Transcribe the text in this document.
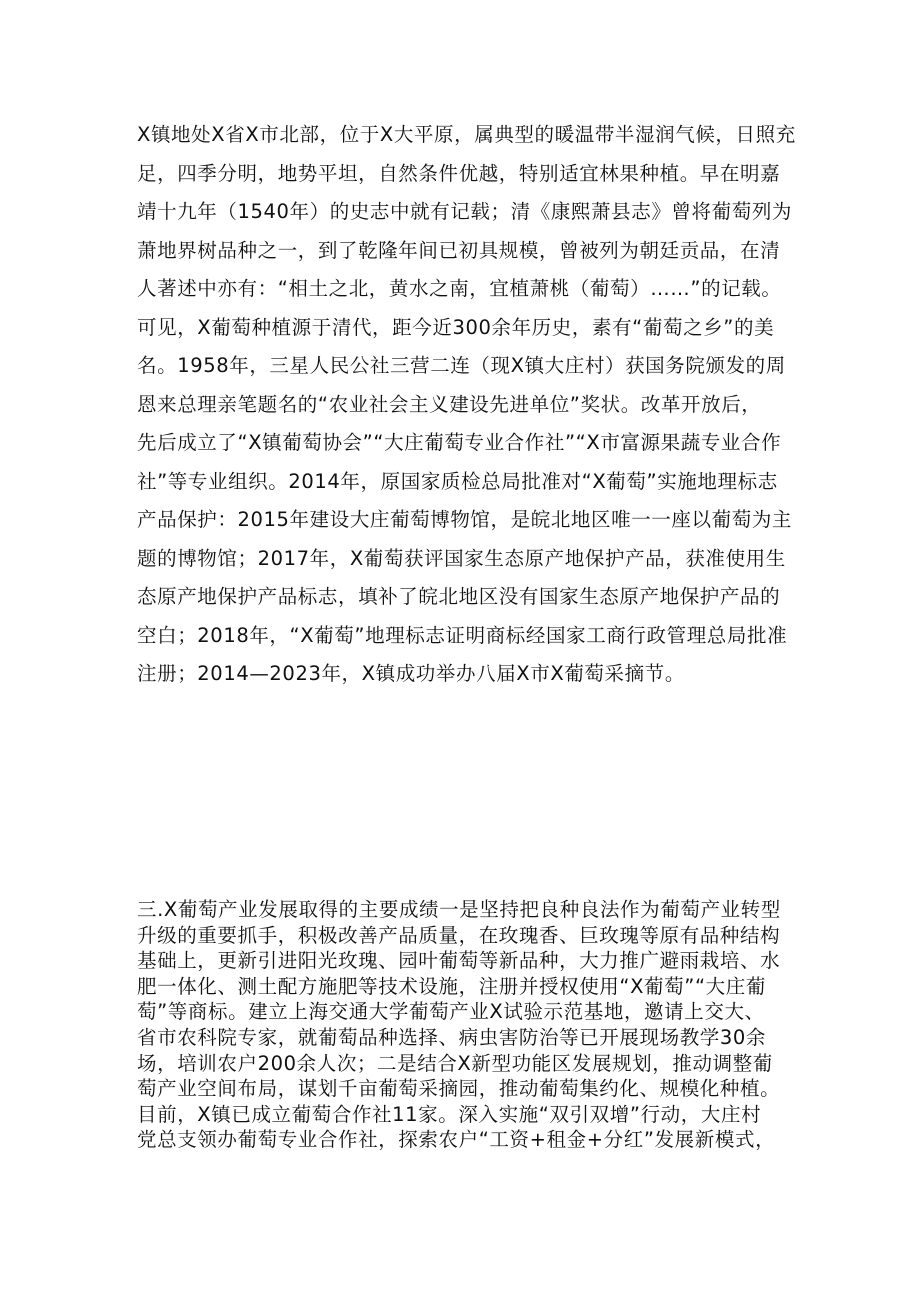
X镇地处X省X市北部，位于X大平原，属典型的暖温带半湿润气候，日照充
足，四季分明，地势平坦，自然条件优越，特别适宜林果种植。早在明嘉
靖十九年（1540年）的史志中就有记载；清《康熙萧县志》曾将葡萄列为
萧地界树品种之一，到了乾隆年间已初具规模，曾被列为朝廷贡品，在清
人著述中亦有：“相土之北，黄水之南，宜植萧桃（葡萄）……”的记载。
可见，X葡萄种植源于清代，距今近300余年历史，素有“葡萄之乡”的美
名。1958年，三星人民公社三营二连（现X镇大庄村）获国务院颁发的周
恩来总理亲笔题名的“农业社会主义建设先进单位”奖状。改革开放后，
先后成立了“X镇葡萄协会”“大庄葡萄专业合作社”“X市富源果蔬专业合作
社”等专业组织。2014年，原国家质检总局批准对“X葡萄”实施地理标志
产品保护：2015年建设大庄葡萄博物馆，是皖北地区唯一一座以葡萄为主
题的博物馆；2017年，X葡萄获评国家生态原产地保护产品，获准使用生
态原产地保护产品标志，填补了皖北地区没有国家生态原产地保护产品的
空白；2018年，“X葡萄”地理标志证明商标经国家工商行政管理总局批准
注册；2014—2023年，X镇成功举办八届X市X葡萄采摘节。
三.X葡萄产业发展取得的主要成绩一是坚持把良种良法作为葡萄产业转型
升级的重要抓手，积极改善产品质量，在玫瑰香、巨玫瑰等原有品种结构
基础上，更新引进阳光玫瑰、园叶葡萄等新品种，大力推广避雨栽培、水
肥一体化、测土配方施肥等技术设施，注册并授权使用“X葡萄”“大庄葡
萄”等商标。建立上海交通大学葡萄产业X试验示范基地，邀请上交大、
省市农科院专家，就葡萄品种选择、病虫害防治等已开展现场教学30余
场，培训农户200余人次；二是结合X新型功能区发展规划，推动调整葡
萄产业空间布局，谋划千亩葡萄采摘园，推动葡萄集约化、规模化种植。
目前，X镇已成立葡萄合作社11家。深入实施“双引双增”行动，大庄村
党总支领办葡萄专业合作社，探索农户“工资+租金+分红”发展新模式，
